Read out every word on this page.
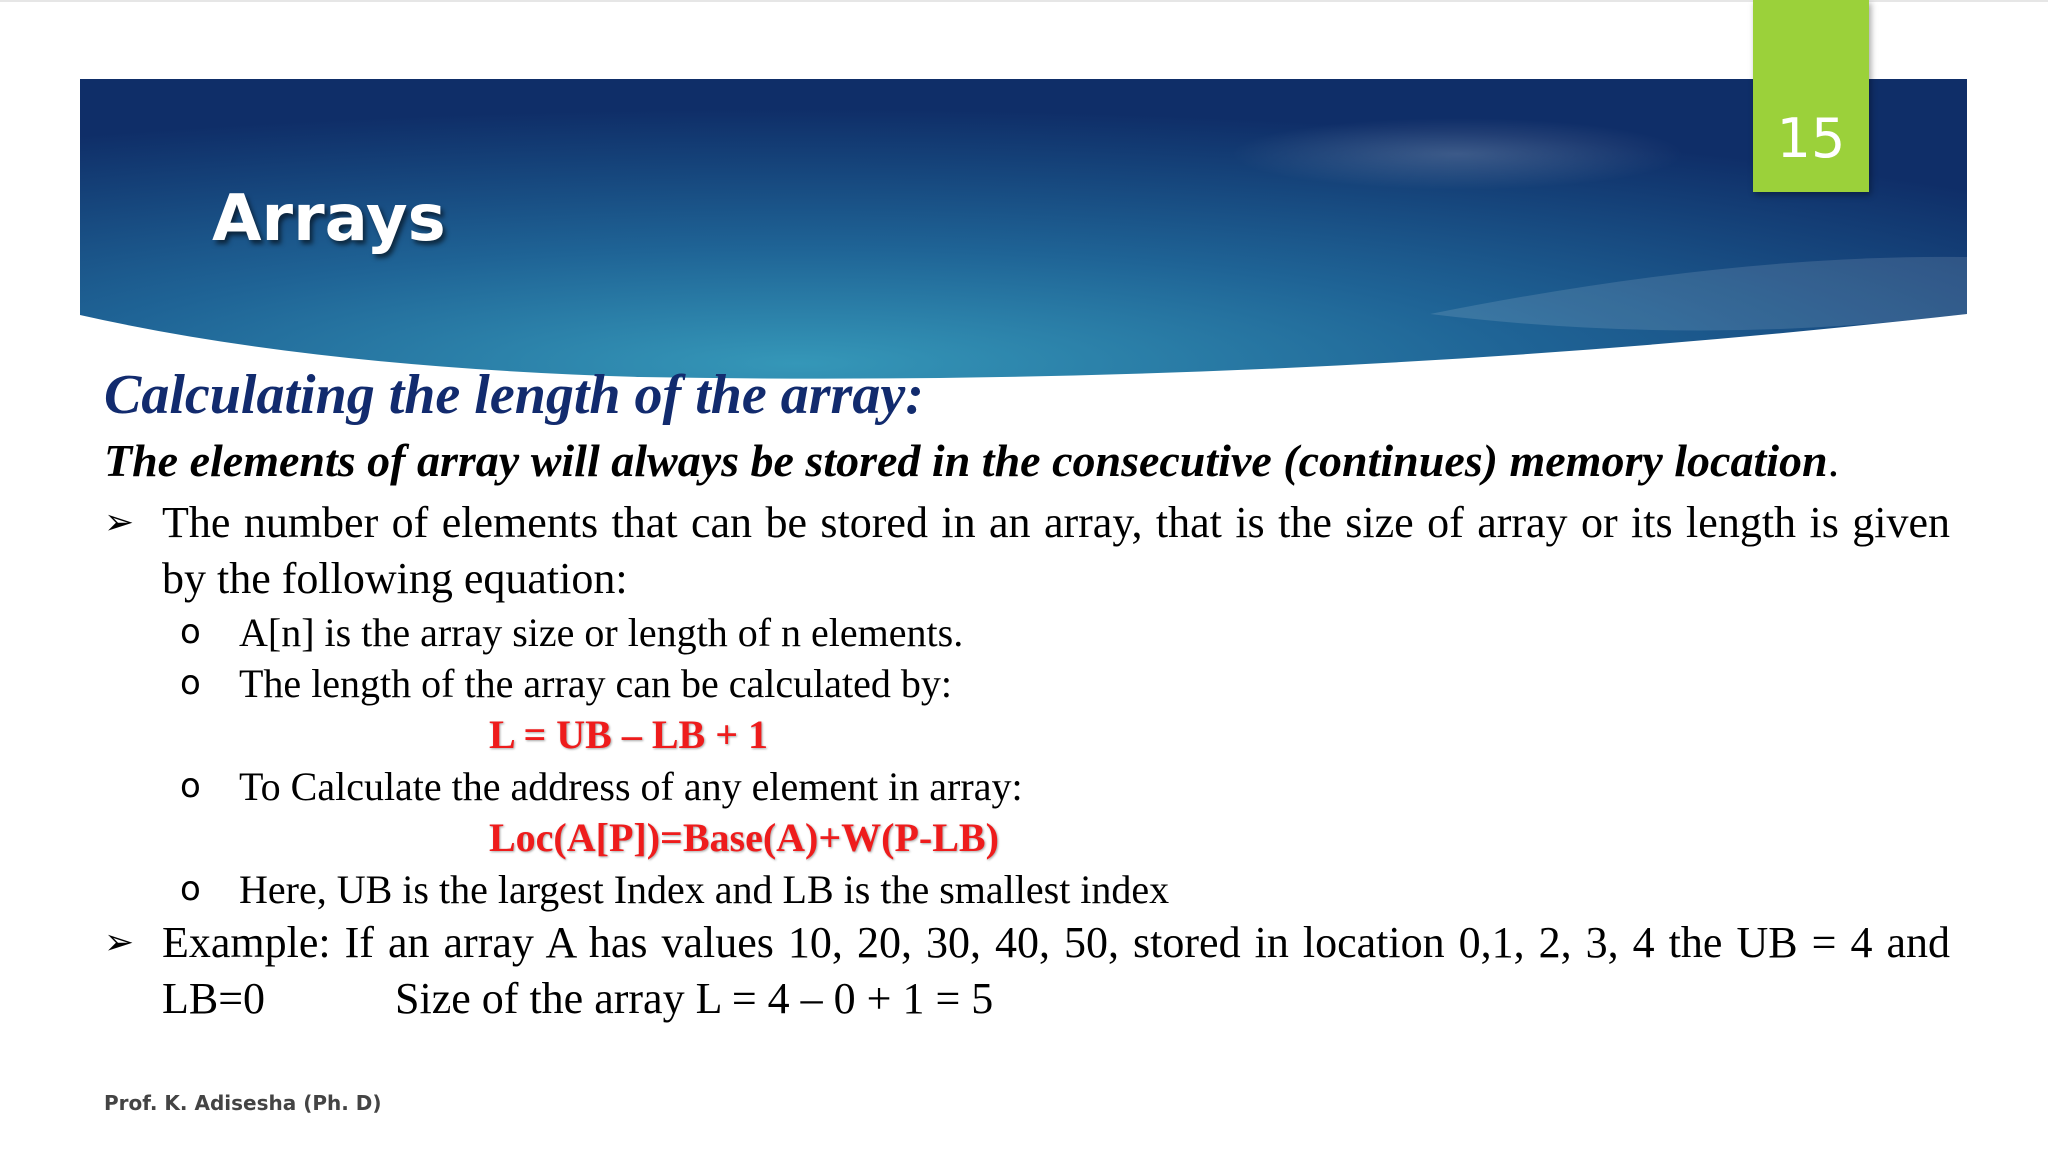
Arrays
15

Calculating the length of the array:

The elements of array will always be stored in the consecutive (continues) memory location.

➢ The number of elements that can be stored in an array, that is the size of array or its length is given by the following equation:
o A[n] is the array size or length of n elements.
o The length of the array can be calculated by:
L = UB – LB + 1
o To Calculate the address of any element in array:
Loc(A[P])=Base(A)+W(P-LB)
o Here, UB is the largest Index and LB is the smallest index
➢ Example: If an array A has values 10, 20, 30, 40, 50, stored in location 0,1, 2, 3, 4 the UB = 4 and LB=0	Size of the array L = 4 – 0 + 1 = 5
Prof. K. Adisesha (Ph. D)
